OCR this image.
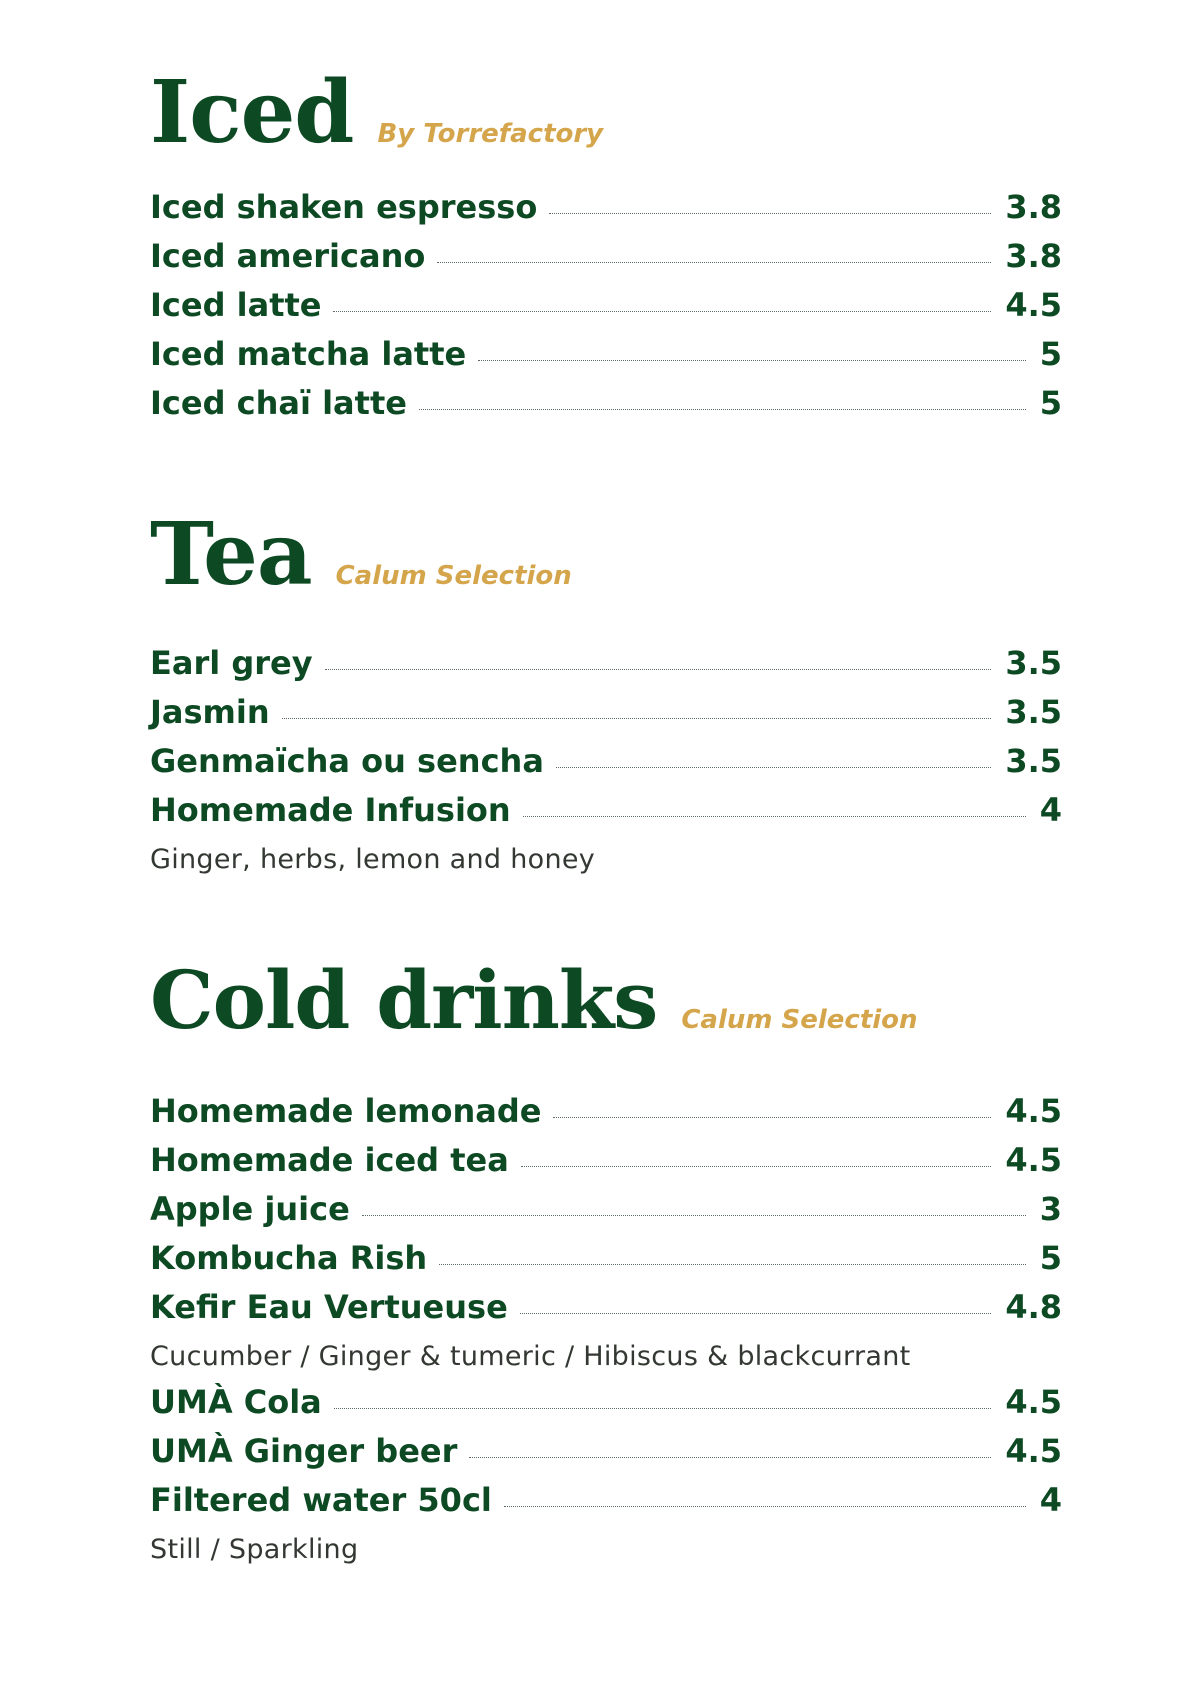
Iced By Torrefactory
Iced shaken espresso	3.8
Iced americano	3.8
Iced latte	4.5
Iced matcha latte	5
Iced chaï latte	5
Tea Calum Selection
Earl grey	3.5
Jasmin	3.5
Genmaïcha ou sencha	3.5
Homemade Infusion	4
Ginger, herbs, lemon and honey
Cold drinks Calum Selection
Homemade lemonade	4.5
Homemade iced tea	4.5
Apple juice	3
Kombucha Rish	5
Kefir Eau Vertueuse	4.8
Cucumber / Ginger & tumeric / Hibiscus & blackcurrant
UMÀ Cola	4.5
UMÀ Ginger beer	4.5
Filtered water 50cl	4
Still / Sparkling
